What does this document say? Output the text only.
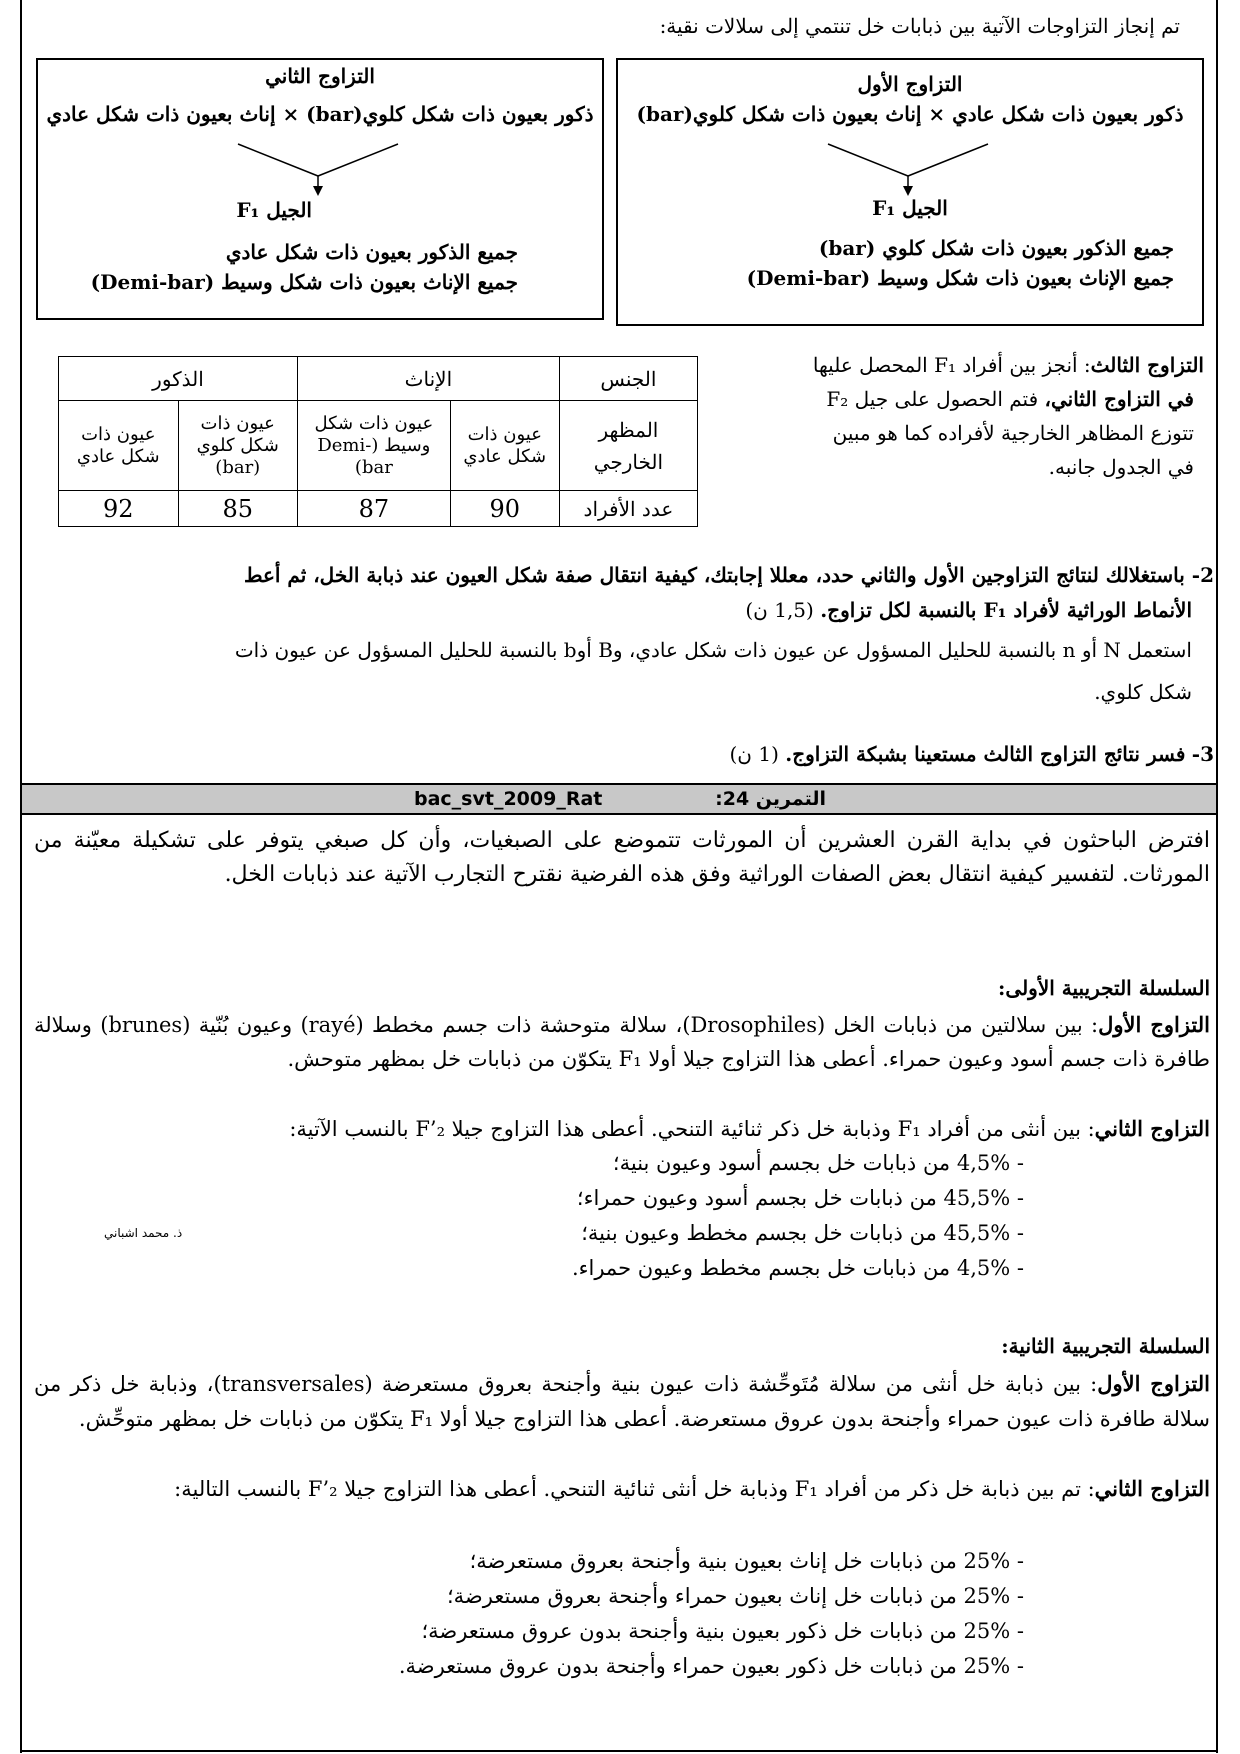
تم إنجاز التزاوجات الآتية بين ذبابات خل تنتمي إلى سلالات نقية:
التزاوج الأول
ذكور بعيون ذات شكل عادي × إناث بعيون ذات شكل كلوي(bar)
الجيل F₁
جميع الذكور بعيون ذات شكل كلوي (bar)
جميع الإناث بعيون ذات شكل وسيط (Demi-bar)
التزاوج الثاني
ذكور بعيون ذات شكل كلوي(bar) × إناث بعيون ذات شكل عادي
الجيل F₁
جميع الذكور بعيون ذات شكل عادي
جميع الإناث بعيون ذات شكل وسيط (Demi-bar)
التزاوج الثالث: أنجز بين أفراد F₁ المحصل عليها
في التزاوج الثاني، فتم الحصول على جيل F₂
تتوزع المظاهر الخارجية لأفراده كما هو مبين
في الجدول جانبه.
الجنس	الإناث		الذكور	
المظهر الخارجي	عيون ذات شكل عادي	عيون ذات شكل وسيط (Demi-bar)	عيون ذات شكل كلوي (bar)	عيون ذات شكل عادي
عدد الأفراد	90	87	85	92
2- باستغلالك لنتائج التزاوجين الأول والثاني حدد، معللا إجابتك، كيفية انتقال صفة شكل العيون عند ذبابة الخل، ثم أعط
الأنماط الوراثية لأفراد F₁ بالنسبة لكل تزاوج. (1,5 ن)
استعمل N أو n بالنسبة للحليل المسؤول عن عيون ذات شكل عادي، وB أوb بالنسبة للحليل المسؤول عن عيون ذات
شكل كلوي.
3- فسر نتائج التزاوج الثالث مستعينا بشبكة التزاوج. (1 ن)
التمرين 24:
bac_svt_2009_Rat
افترض الباحثون في بداية القرن العشرين أن المورثات تتموضع على الصبغيات، وأن كل صبغي يتوفر على تشكيلة معيّنة من المورثات. لتفسير كيفية انتقال بعض الصفات الوراثية وفق هذه الفرضية نقترح التجارب الآتية عند ذبابات الخل.
السلسلة التجريبية الأولى:
التزاوج الأول: بين سلالتين من ذبابات الخل (Drosophiles)، سلالة متوحشة ذات جسم مخطط (rayé) وعيون بُنّية (brunes) وسلالة طافرة ذات جسم أسود وعيون حمراء. أعطى هذا التزاوج جيلا أولا F₁ يتكوّن من ذبابات خل بمظهر متوحش.
التزاوج الثاني: بين أنثى من أفراد F₁ وذبابة خل ذكر ثنائية التنحي. أعطى هذا التزاوج جيلا F’₂ بالنسب الآتية:
- 4,5% من ذبابات خل بجسم أسود وعيون بنية؛
- 45,5% من ذبابات خل بجسم أسود وعيون حمراء؛
- 45,5% من ذبابات خل بجسم مخطط وعيون بنية؛
- 4,5% من ذبابات خل بجسم مخطط وعيون حمراء.
ذ. محمد اشباني
السلسلة التجريبية الثانية:
التزاوج الأول: بين ذبابة خل أنثى من سلالة مُتَوحِّشة ذات عيون بنية وأجنحة بعروق مستعرضة (transversales)، وذبابة خل ذكر من سلالة طافرة ذات عيون حمراء وأجنحة بدون عروق مستعرضة. أعطى هذا التزاوج جيلا أولا F₁ يتكوّن من ذبابات خل بمظهر متوحِّش.
التزاوج الثاني: تم بين ذبابة خل ذكر من أفراد F₁ وذبابة خل أنثى ثنائية التنحي. أعطى هذا التزاوج جيلا F’₂ بالنسب التالية:
- 25% من ذبابات خل إناث بعيون بنية وأجنحة بعروق مستعرضة؛
- 25% من ذبابات خل إناث بعيون حمراء وأجنحة بعروق مستعرضة؛
- 25% من ذبابات خل ذكور بعيون بنية وأجنحة بدون عروق مستعرضة؛
- 25% من ذبابات خل ذكور بعيون حمراء وأجنحة بدون عروق مستعرضة.
